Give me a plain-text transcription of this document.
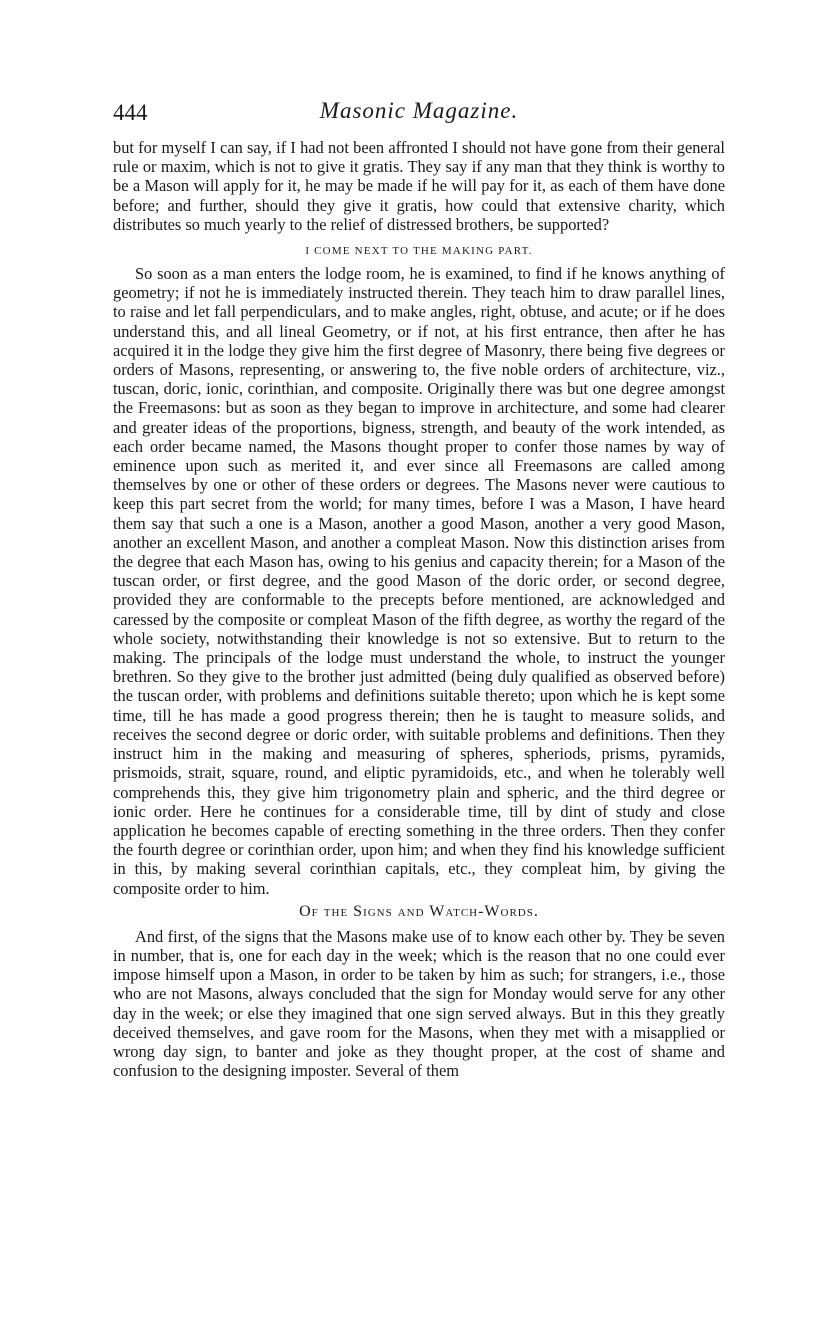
444	Masonic Magazine.

but for myself I can say, if I had not been affronted I should not have gone from their general rule or maxim, which is not to give it gratis. They say if any man that they think is worthy to be a Mason will apply for it, he may be made if he will pay for it, as each of them have done before; and further, should they give it gratis, how could that extensive charity, which distributes so much yearly to the relief of distressed brothers, be supported?

I COME NEXT TO THE MAKING PART.

So soon as a man enters the lodge room, he is examined, to find if he knows anything of geometry; if not he is immediately instructed therein. They teach him to draw parallel lines, to raise and let fall perpendiculars, and to make angles, right, obtuse, and acute; or if he does understand this, and all lineal Geometry, or if not, at his first entrance, then after he has acquired it in the lodge they give him the first degree of Masonry, there being five degrees or orders of Masons, representing, or answering to, the five noble orders of architecture, viz., tuscan, doric, ionic, corinthian, and composite. Originally there was but one degree amongst the Freemasons: but as soon as they began to improve in architecture, and some had clearer and greater ideas of the proportions, bigness, strength, and beauty of the work intended, as each order became named, the Masons thought proper to confer those names by way of eminence upon such as merited it, and ever since all Freemasons are called among themselves by one or other of these orders or degrees. The Masons never were cautious to keep this part secret from the world; for many times, before I was a Mason, I have heard them say that such a one is a Mason, another a good Mason, another a very good Mason, another an excellent Mason, and another a compleat Mason. Now this distinction arises from the degree that each Mason has, owing to his genius and capacity therein; for a Mason of the tuscan order, or first degree, and the good Mason of the doric order, or second degree, provided they are conformable to the precepts before mentioned, are acknowledged and caressed by the composite or compleat Mason of the fifth degree, as worthy the regard of the whole society, notwithstanding their knowledge is not so extensive. But to return to the making. The principals of the lodge must understand the whole, to instruct the younger brethren. So they give to the brother just admitted (being duly qualified as observed before) the tuscan order, with problems and definitions suitable thereto; upon which he is kept some time, till he has made a good progress therein; then he is taught to measure solids, and receives the second degree or doric order, with suitable problems and definitions. Then they instruct him in the making and measuring of spheres, spheriods, prisms, pyramids, prismoids, strait, square, round, and eliptic pyramidoids, etc., and when he tolerably well comprehends this, they give him trigonometry plain and spheric, and the third degree or ionic order. Here he continues for a considerable time, till by dint of study and close application he becomes capable of erecting something in the three orders. Then they confer the fourth degree or corinthian order, upon him; and when they find his knowledge sufficient in this, by making several corinthian capitals, etc., they compleat him, by giving the composite order to him.

Of the Signs and Watch-Words.

And first, of the signs that the Masons make use of to know each other by. They be seven in number, that is, one for each day in the week; which is the reason that no one could ever impose himself upon a Mason, in order to be taken by him as such; for strangers, i.e., those who are not Masons, always concluded that the sign for Monday would serve for any other day in the week; or else they imagined that one sign served always. But in this they greatly deceived themselves, and gave room for the Masons, when they met with a misapplied or wrong day sign, to banter and joke as they thought proper, at the cost of shame and confusion to the designing imposter. Several of them
